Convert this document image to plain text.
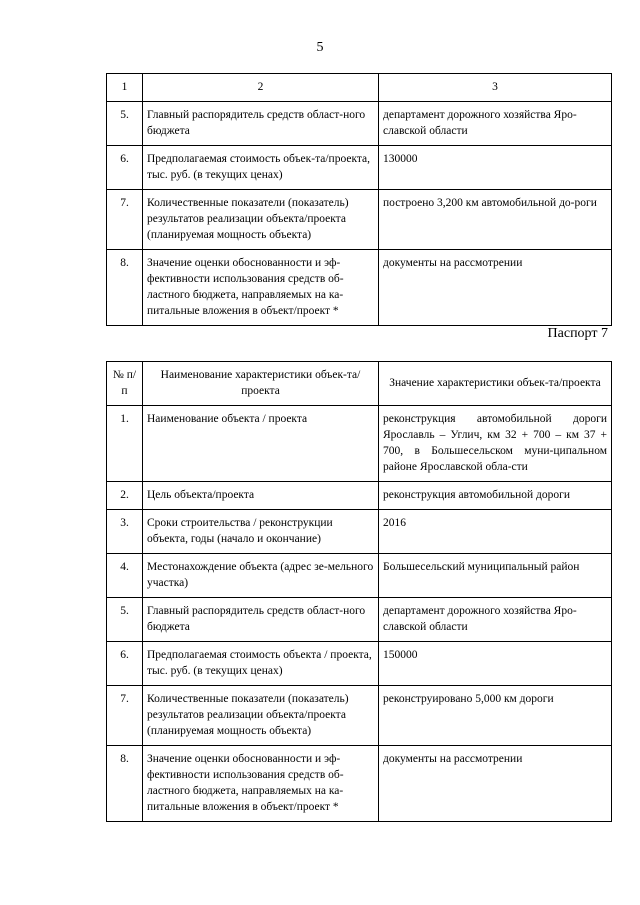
5
1	2	3
5.	Главный распорядитель средств област-ного бюджета	департамент дорожного хозяйства Яро-славской области
6.	Предполагаемая стоимость объек-та/проекта, тыс. руб. (в текущих ценах)	130000
7.	Количественные показатели (показатель) результатов реализации объекта/проекта (планируемая мощность объекта)	построено 3,200 км автомобильной до-роги
8.	Значение оценки обоснованности и эф-фективности использования средств об-ластного бюджета, направляемых на ка-питальные вложения в объект/проект *	документы на рассмотрении
Паспорт 7
№ п/п	Наименование характеристики объек-та/проекта	Значение характеристики объек-та/проекта
1.	Наименование объекта / проекта	реконструкция автомобильной дороги Ярославль – Углич, км 32 + 700 – км 37 + 700, в Большесельском муни-ципальном районе Ярославской обла-сти
2.	Цель объекта/проекта	реконструкция автомобильной дороги
3.	Сроки строительства / реконструкции объекта, годы (начало и окончание)	2016
4.	Местонахождение объекта (адрес зе-мельного участка)	Большесельский муниципальный район
5.	Главный распорядитель средств област-ного бюджета	департамент дорожного хозяйства Яро-славской области
6.	Предполагаемая стоимость объекта / проекта, тыс. руб. (в текущих ценах)	150000
7.	Количественные показатели (показатель) результатов реализации объекта/проекта (планируемая мощность объекта)	реконструировано 5,000 км дороги
8.	Значение оценки обоснованности и эф-фективности использования средств об-ластного бюджета, направляемых на ка-питальные вложения в объект/проект *	документы на рассмотрении
